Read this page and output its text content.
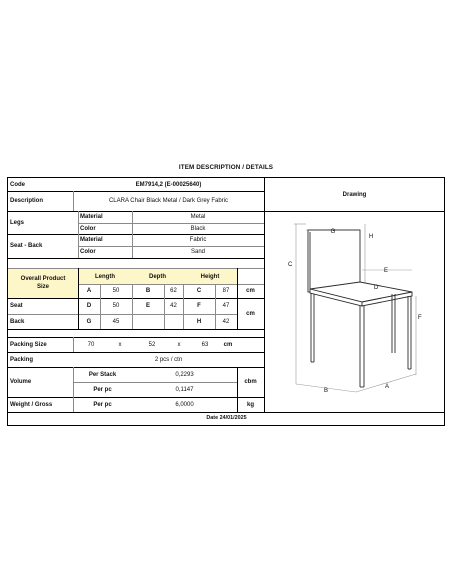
ITEM DESCRIPTION / DETAILS
Code	EM7914,2 (E-00025640)
Description	CLARA Chair Black Metal / Dark Grey Fabric
Legs
Material	Metal
Color	Black
Seat - Back
Material	Fabric
Color	Sand
Overall Product Size
Length	Depth	Height
A	50	B	62	C	87	cm
Seat	D	50	E	42	F	47
cm
Back	G	45	H	42
Packing Size	70	x	52	x	63	cm
Packing	2 pcs / ctn
Volume
Per Stack	0,2293
Per pc	0,1147
cbm
Weight / Gross	Per pc	6,0000	kg
Date 24/01/2025
Drawing
G
H
C
E
D
F
B
A
